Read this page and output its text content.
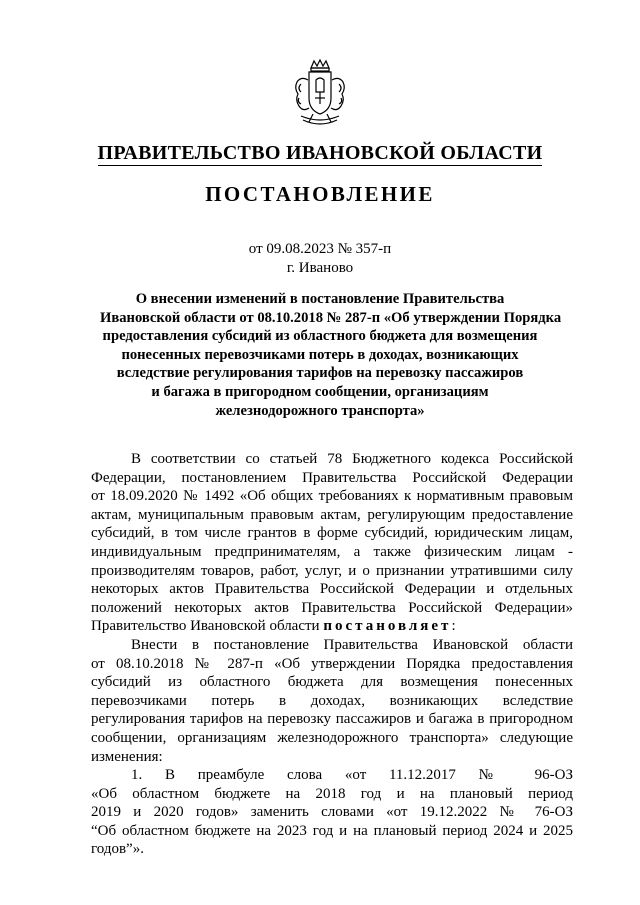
ПРАВИТЕЛЬСТВО ИВАНОВСКОЙ ОБЛАСТИ
ПОСТАНОВЛЕНИЕ
от 09.08.2023 № 357-п
г. Иваново
О внесении изменений в постановление Правительства
Ивановской области от 08.10.2018 № 287-п «Об утверждении Порядка
предоставления субсидий из областного бюджета для возмещения
понесенных перевозчиками потерь в доходах, возникающих
вследствие регулирования тарифов на перевозку пассажиров
и багажа в пригородном сообщении, организациям
железнодорожного транспорта»
В соответствии со статьей 78 Бюджетного кодекса Российской
Федерации, постановлением Правительства Российской Федерации
от 18.09.2020 № 1492 «Об общих требованиях к нормативным правовым
актам, муниципальным правовым актам, регулирующим предоставление
субсидий, в том числе грантов в форме субсидий, юридическим лицам,
индивидуальным предпринимателям, а также физическим лицам -
производителям товаров, работ, услуг, и о признании утратившими силу
некоторых актов Правительства Российской Федерации и отдельных
положений некоторых актов Правительства Российской Федерации»
Правительство Ивановской области постановляет:
Внести в постановление Правительства Ивановской области
от 08.10.2018 № 287-п «Об утверждении Порядка предоставления
субсидий из областного бюджета для возмещения понесенных
перевозчиками потерь в доходах, возникающих вследствие
регулирования тарифов на перевозку пассажиров и багажа в пригородном
сообщении, организациям железнодорожного транспорта» следующие
изменения:
1. В преамбуле слова «от 11.12.2017 № 96-ОЗ
«Об областном бюджете на 2018 год и на плановый период
2019 и 2020 годов» заменить словами «от 19.12.2022 № 76-ОЗ
“Об областном бюджете на 2023 год и на плановый период 2024 и 2025
годов”».
